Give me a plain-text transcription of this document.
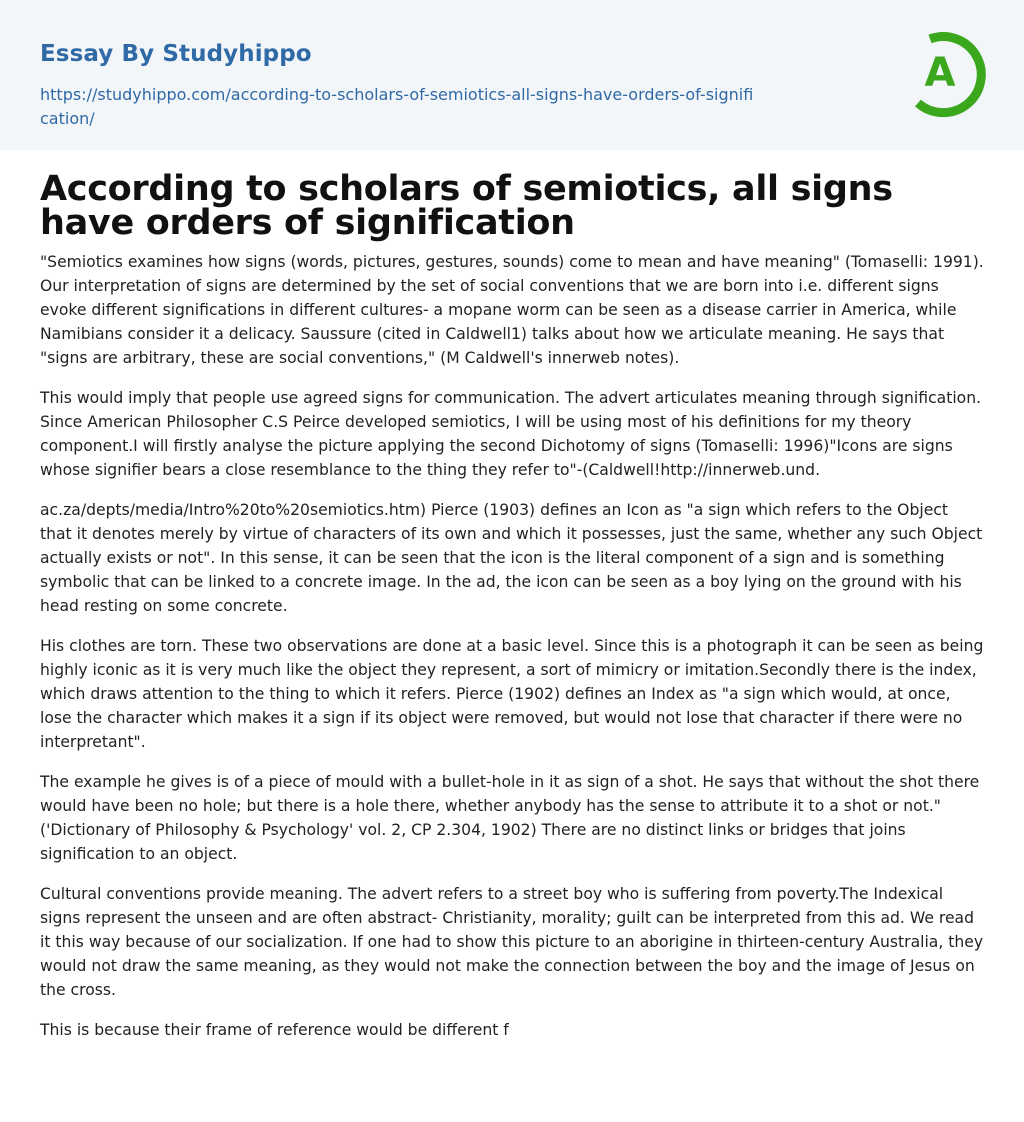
Essay By Studyhippo
https://studyhippo.com/according-to-scholars-of-semiotics-all-signs-have-orders-of-signification/
A
According to scholars of semiotics, all signs have orders of signification

"Semiotics examines how signs (words, pictures, gestures, sounds) come to mean and have meaning" (Tomaselli: 1991). Our interpretation of signs are determined by the set of social conventions that we are born into i.e. different signs evoke different significations in different cultures- a mopane worm can be seen as a disease carrier in America, while Namibians consider it a delicacy. Saussure (cited in Caldwell1) talks about how we articulate meaning. He says that "signs are arbitrary, these are social conventions," (M Caldwell's innerweb notes).

This would imply that people use agreed signs for communication. The advert articulates meaning through signification. Since American Philosopher C.S Peirce developed semiotics, I will be using most of his definitions for my theory component.I will firstly analyse the picture applying the second Dichotomy of signs (Tomaselli: 1996)"Icons are signs whose signifier bears a close resemblance to the thing they refer to"-(Caldwell!http://innerweb.und.

ac.za/depts/media/Intro%20to%20semiotics.htm) Pierce (1903) defines an Icon as "a sign which refers to the Object that it denotes merely by virtue of characters of its own and which it possesses, just the same, whether any such Object actually exists or not". In this sense, it can be seen that the icon is the literal component of a sign and is something symbolic that can be linked to a concrete image. In the ad, the icon can be seen as a boy lying on the ground with his head resting on some concrete.

His clothes are torn. These two observations are done at a basic level. Since this is a photograph it can be seen as being highly iconic as it is very much like the object they represent, a sort of mimicry or imitation.Secondly there is the index, which draws attention to the thing to which it refers. Pierce (1902) defines an Index as "a sign which would, at once, lose the character which makes it a sign if its object were removed, but would not lose that character if there were no interpretant".

The example he gives is of a piece of mould with a bullet-hole in it as sign of a shot. He says that without the shot there would have been no hole; but there is a hole there, whether anybody has the sense to attribute it to a shot or not." ('Dictionary of Philosophy & Psychology' vol. 2, CP 2.304, 1902) There are no distinct links or bridges that joins signification to an object.

Cultural conventions provide meaning. The advert refers to a street boy who is suffering from poverty.The Indexical signs represent the unseen and are often abstract- Christianity, morality; guilt can be interpreted from this ad. We read it this way because of our socialization. If one had to show this picture to an aborigine in thirteen-century Australia, they would not draw the same meaning, as they would not make the connection between the boy and the image of Jesus on the cross.

This is because their frame of reference would be different f
